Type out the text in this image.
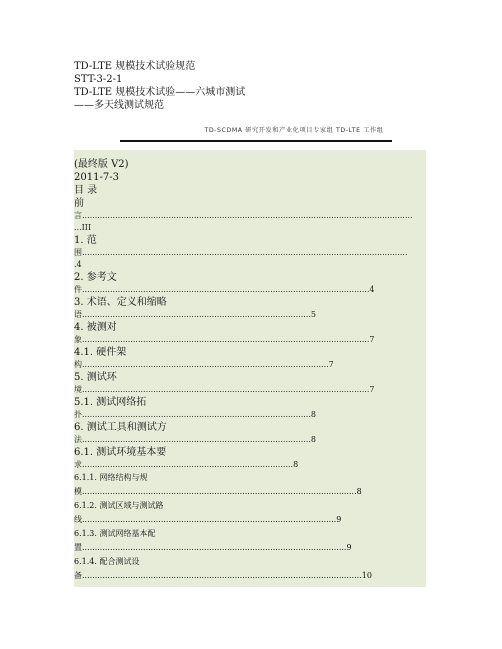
TD-LTE 规模技术试验规范
STT-3-2-1
TD-LTE 规模技术试验——六城市测试
——多天线测试规范
TD-SCDMA 研究开发和产业化项目专家组 TD-LTE 工作组
(最终版 V2)
2011-7-3
目 录
前
言..................................................................................................................................
...III
1. 范
围................................................................................................................................
.4
2. 参考文
件.................................................................................................................4
3. 术语、定义和缩略
语..........................................................................................5
4. 被测对
象.................................................................................................................7
4.1. 硬件架
构.................................................................................................7
5. 测试环
境.................................................................................................................7
5.1. 测试网络拓
扑..........................................................................................8
6. 测试工具和测试方
法..........................................................................................8
6.1. 测试环境基本要
求...................................................................................8
6.1.1. 网络结构与规模............................................................................................................8
6.1.2. 测试区域与测试路线....................................................................................................9
6.1.3. 测试网络基本配置........................................................................................................9
6.1.4. 配合测试设备..............................................................................................................10
